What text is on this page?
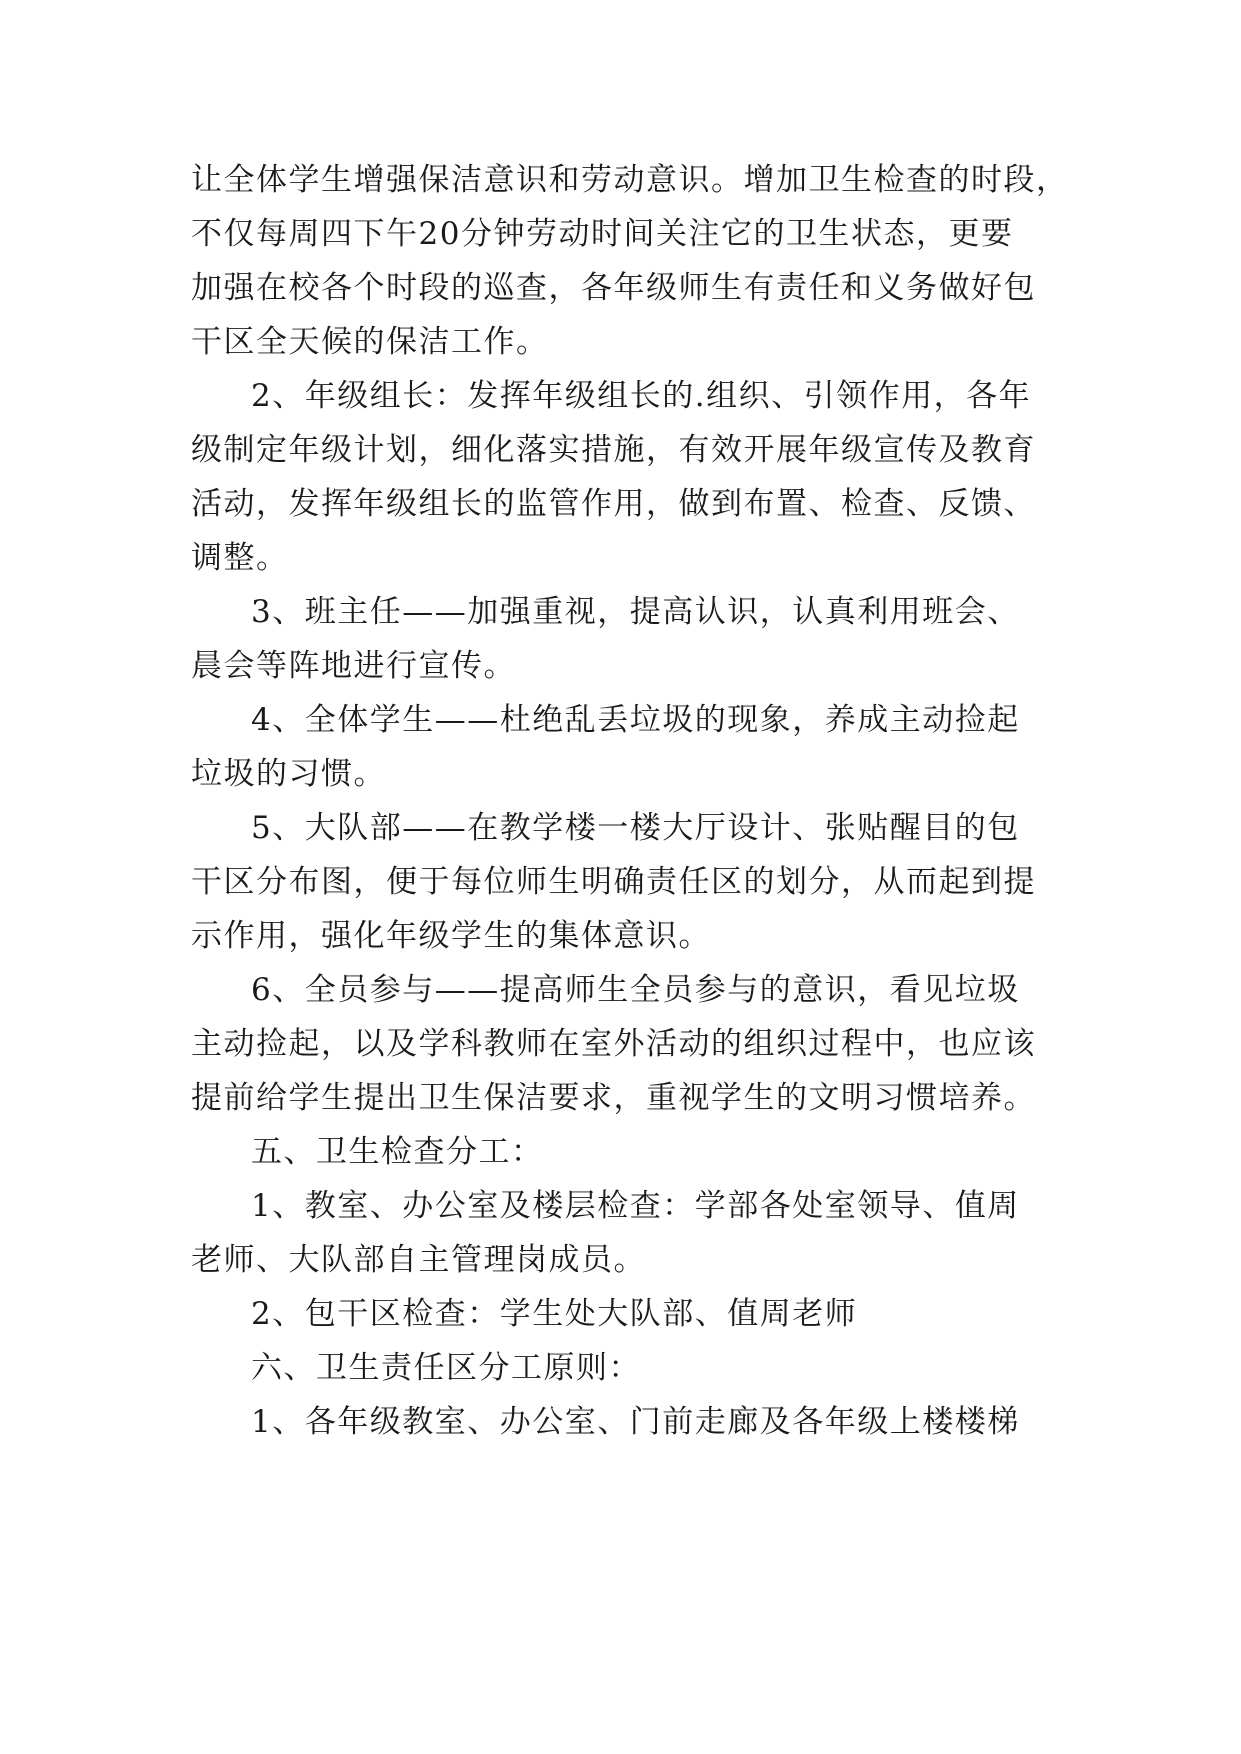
让全体学生增强保洁意识和劳动意识。增加卫生检查的时段，
不仅每周四下午20分钟劳动时间关注它的卫生状态，更要
加强在校各个时段的巡查，各年级师生有责任和义务做好包
干区全天候的保洁工作。
2、年级组长：发挥年级组长的.组织、引领作用，各年
级制定年级计划，细化落实措施，有效开展年级宣传及教育
活动，发挥年级组长的监管作用，做到布置、检查、反馈、
调整。
3、班主任——加强重视，提高认识，认真利用班会、
晨会等阵地进行宣传。
4、全体学生——杜绝乱丢垃圾的现象，养成主动捡起
垃圾的习惯。
5、大队部——在教学楼一楼大厅设计、张贴醒目的包
干区分布图，便于每位师生明确责任区的划分，从而起到提
示作用，强化年级学生的集体意识。
6、全员参与——提高师生全员参与的意识，看见垃圾
主动捡起，以及学科教师在室外活动的组织过程中，也应该
提前给学生提出卫生保洁要求，重视学生的文明习惯培养。
五、卫生检查分工：
1、教室、办公室及楼层检查：学部各处室领导、值周
老师、大队部自主管理岗成员。
2、包干区检查：学生处大队部、值周老师
六、卫生责任区分工原则：
1、各年级教室、办公室、门前走廊及各年级上楼楼梯
